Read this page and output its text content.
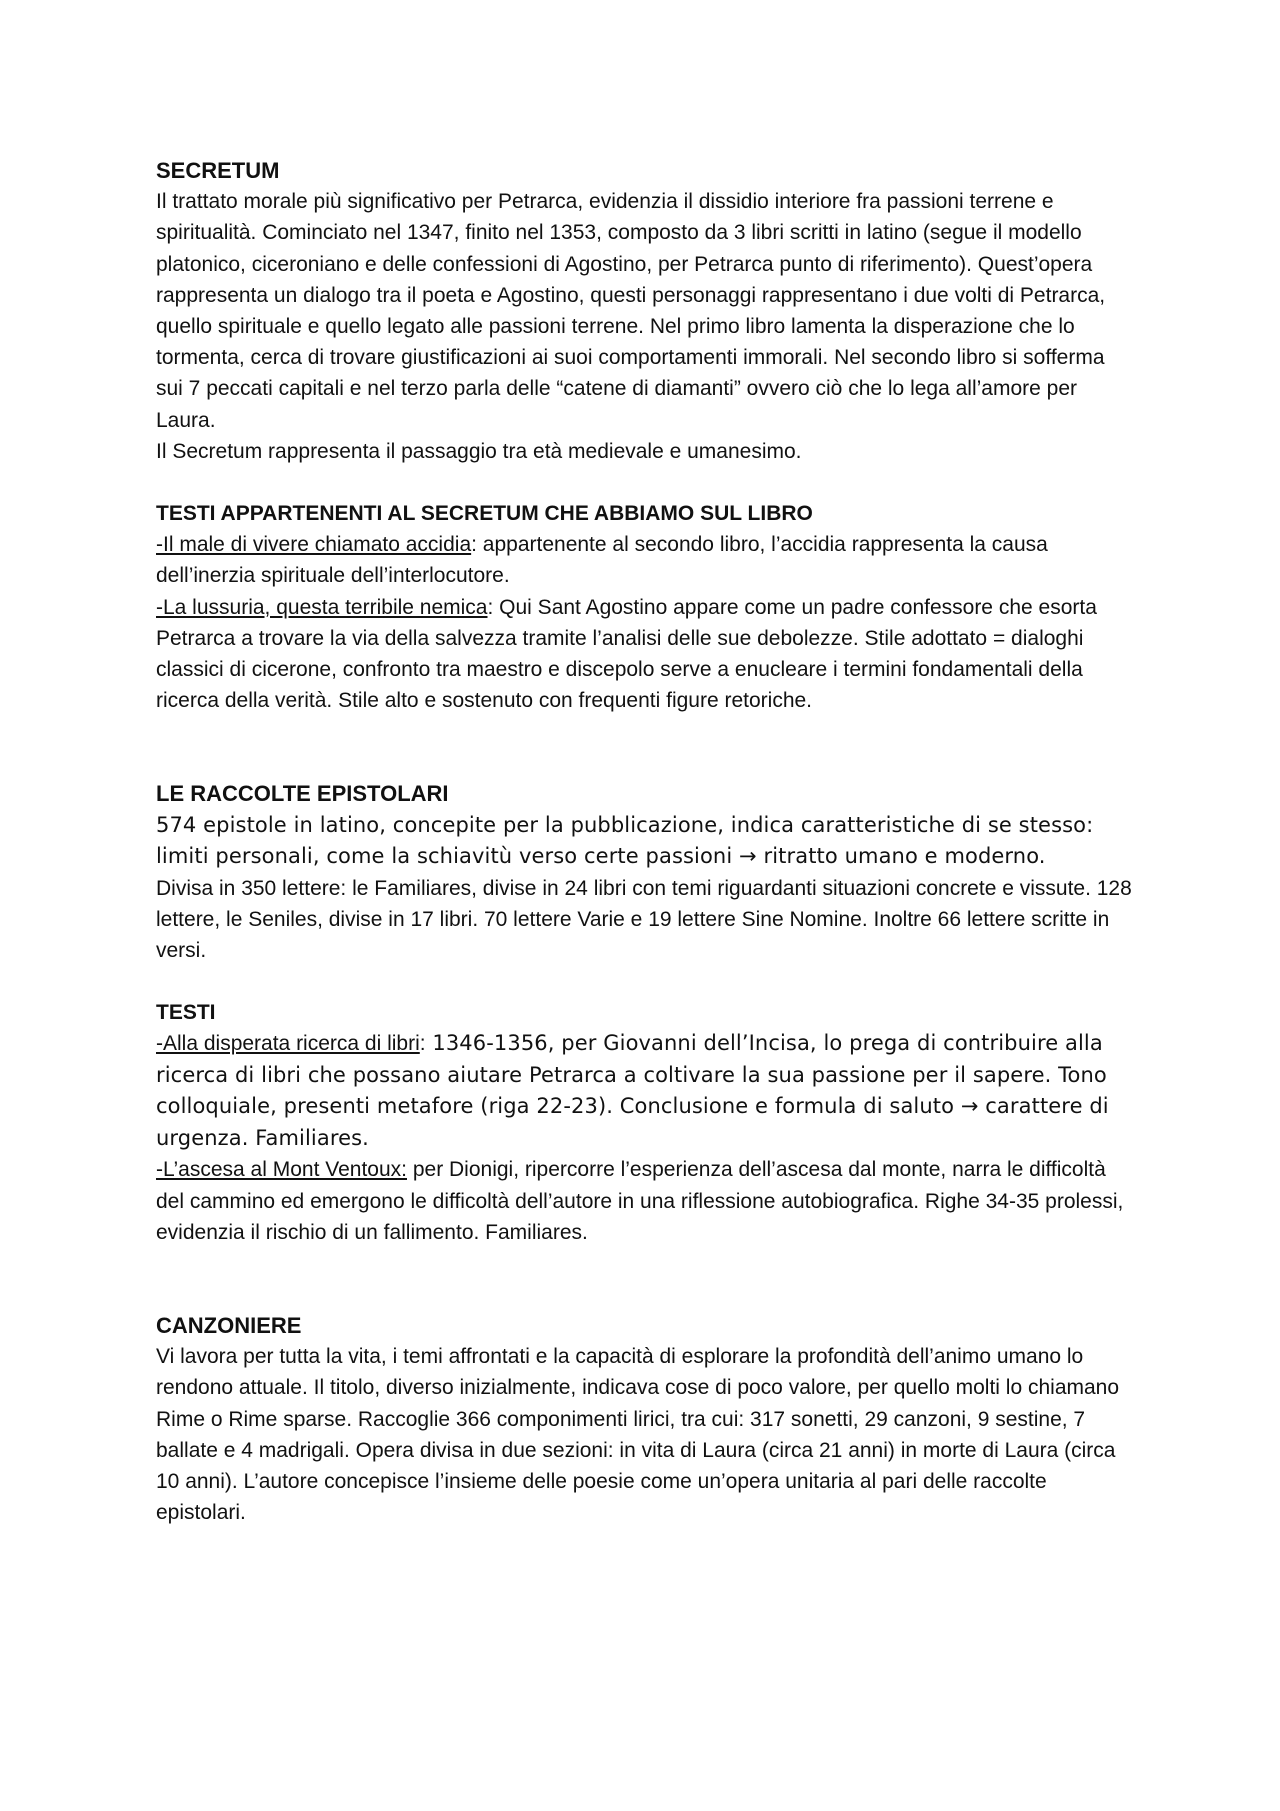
SECRETUM

Il trattato morale più significativo per Petrarca, evidenzia il dissidio interiore fra passioni terrene e spiritualità. Cominciato nel 1347, finito nel 1353, composto da 3 libri scritti in latino (segue il modello platonico, ciceroniano e delle confessioni di Agostino, per Petrarca punto di riferimento). Quest’opera rappresenta un dialogo tra il poeta e Agostino, questi personaggi rappresentano i due volti di Petrarca, quello spirituale e quello legato alle passioni terrene. Nel primo libro lamenta la disperazione che lo tormenta, cerca di trovare giustificazioni ai suoi comportamenti immorali. Nel secondo libro si sofferma sui 7 peccati capitali e nel terzo parla delle “catene di diamanti” ovvero ciò che lo lega all’amore per Laura.

Il Secretum rappresenta il passaggio tra età medievale e umanesimo.

TESTI APPARTENENTI AL SECRETUM CHE ABBIAMO SUL LIBRO

-Il male di vivere chiamato accidia: appartenente al secondo libro, l’accidia rappresenta la causa dell’inerzia spirituale dell’interlocutore.

-La lussuria, questa terribile nemica: Qui Sant Agostino appare come un padre confessore che esorta Petrarca a trovare la via della salvezza tramite l’analisi delle sue debolezze. Stile adottato = dialoghi classici di cicerone, confronto tra maestro e discepolo serve a enucleare i termini fondamentali della ricerca della verità. Stile alto e sostenuto con frequenti figure retoriche.

LE RACCOLTE EPISTOLARI

574 epistole in latino, concepite per la pubblicazione, indica caratteristiche di se stesso: limiti personali, come la schiavitù verso certe passioni → ritratto umano e moderno.

Divisa in 350 lettere: le Familiares, divise in 24 libri con temi riguardanti situazioni concrete e vissute. 128 lettere, le Seniles, divise in 17 libri. 70 lettere Varie e 19 lettere Sine Nomine. Inoltre 66 lettere scritte in versi.

TESTI

-Alla disperata ricerca di libri: 1346-1356, per Giovanni dell’Incisa, lo prega di contribuire alla ricerca di libri che possano aiutare Petrarca a coltivare la sua passione per il sapere. Tono colloquiale, presenti metafore (riga 22-23). Conclusione e formula di saluto → carattere di urgenza. Familiares.

-L’ascesa al Mont Ventoux: per Dionigi, ripercorre l’esperienza dell’ascesa dal monte, narra le difficoltà del cammino ed emergono le difficoltà dell’autore in una riflessione autobiografica. Righe 34-35 prolessi, evidenzia il rischio di un fallimento. Familiares.

CANZONIERE

Vi lavora per tutta la vita, i temi affrontati e la capacità di esplorare la profondità dell’animo umano lo rendono attuale. Il titolo, diverso inizialmente, indicava cose di poco valore, per quello molti lo chiamano Rime o Rime sparse. Raccoglie 366 componimenti lirici, tra cui: 317 sonetti, 29 canzoni, 9 sestine, 7 ballate e 4 madrigali. Opera divisa in due sezioni: in vita di Laura (circa 21 anni) in morte di Laura (circa 10 anni). L’autore concepisce l’insieme delle poesie come un’opera unitaria al pari delle raccolte epistolari.
